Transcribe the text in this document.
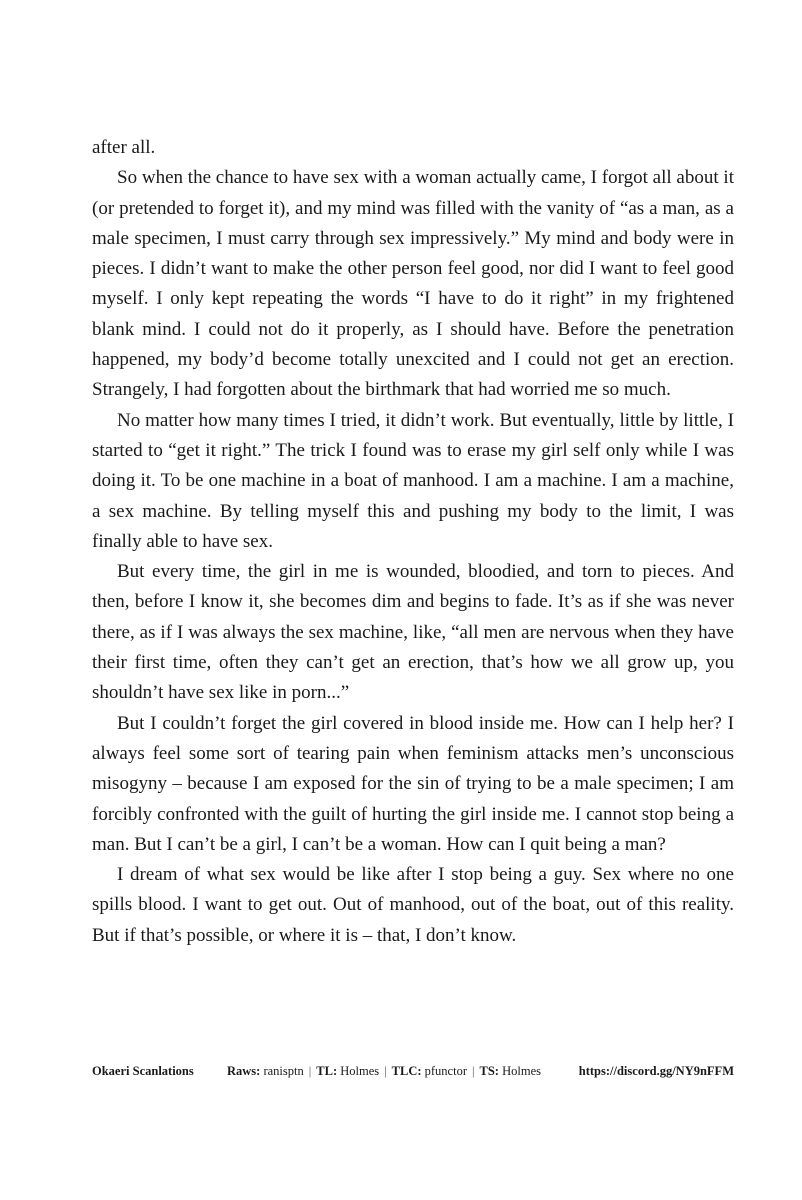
after all.

So when the chance to have sex with a woman actually came, I forgot all about it (or pretended to forget it), and my mind was filled with the vanity of “as a man, as a male specimen, I must carry through sex impressively.” My mind and body were in pieces. I didn’t want to make the other person feel good, nor did I want to feel good myself. I only kept repeating the words “I have to do it right” in my frightened blank mind. I could not do it properly, as I should have. Before the penetration happened, my body’d become totally unexcited and I could not get an erection. Strangely, I had forgotten about the birthmark that had worried me so much.

No matter how many times I tried, it didn’t work. But eventually, little by little, I started to “get it right.” The trick I found was to erase my girl self only while I was doing it. To be one machine in a boat of manhood. I am a machine. I am a machine, a sex machine. By telling myself this and pushing my body to the limit, I was finally able to have sex.

But every time, the girl in me is wounded, bloodied, and torn to pieces. And then, before I know it, she becomes dim and begins to fade. It’s as if she was never there, as if I was always the sex machine, like, “all men are nervous when they have their first time, often they can’t get an erection, that’s how we all grow up, you shouldn’t have sex like in porn...”

But I couldn’t forget the girl covered in blood inside me. How can I help her? I always feel some sort of tearing pain when feminism attacks men’s unconscious misogyny – because I am exposed for the sin of trying to be a male specimen; I am forcibly confronted with the guilt of hurting the girl inside me. I cannot stop being a man. But I can’t be a girl, I can’t be a woman. How can I quit being a man?

I dream of what sex would be like after I stop being a guy. Sex where no one spills blood. I want to get out. Out of manhood, out of the boat, out of this reality. But if that’s possible, or where it is – that, I don’t know.

Okaeri Scanlations	Raws: ranisptn | TL: Holmes | TLC: pfunctor | TS: Holmes	https://discord.gg/NY9nFFM
